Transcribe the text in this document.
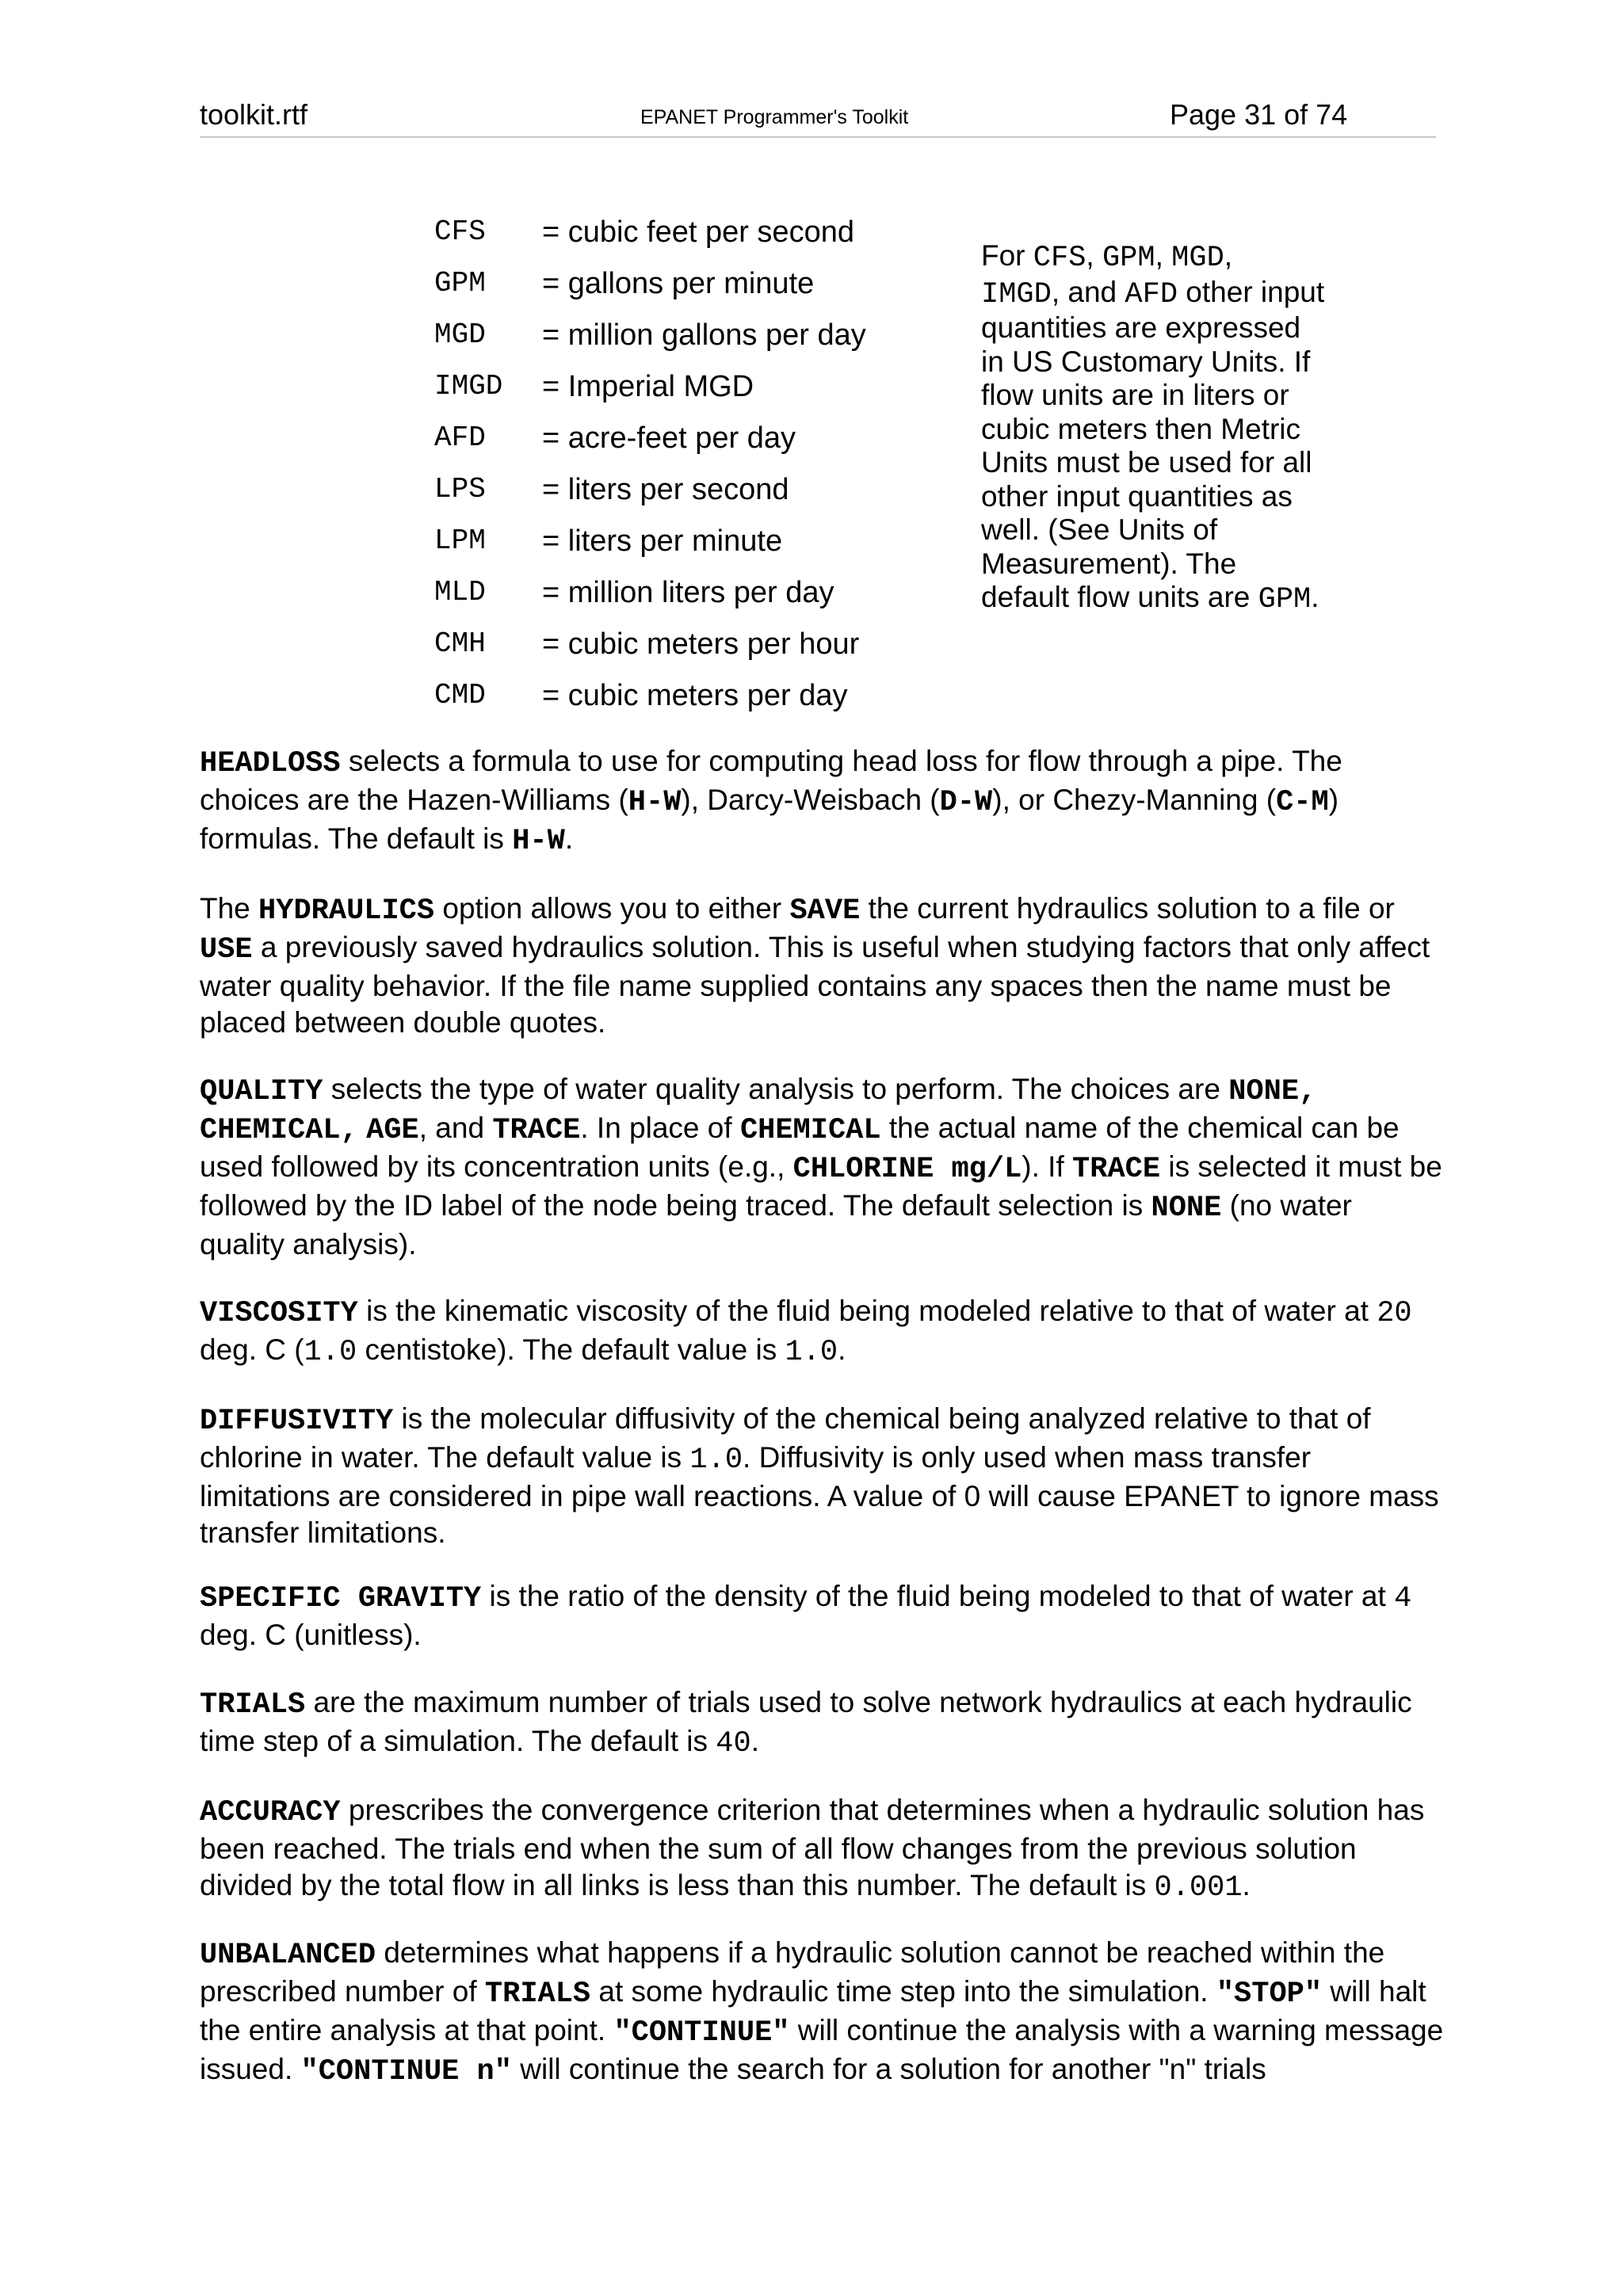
toolkit.rtf	EPANET Programmer's Toolkit	Page 31 of 74
CFS = cubic feet per second
GPM = gallons per minute
MGD = million gallons per day
IMGD = Imperial MGD
AFD = acre-feet per day
LPS = liters per second
LPM = liters per minute
MLD = million liters per day
CMH = cubic meters per hour
CMD = cubic meters per day
For CFS, GPM, MGD,
IMGD, and AFD other input quantities are expressed in US Customary Units. If flow units are in liters or cubic meters then Metric Units must be used for all other input quantities as well. (See Units of Measurement). The default flow units are GPM.

HEADLOSS selects a formula to use for computing head loss for flow through a pipe. The choices are the Hazen-Williams (H-W), Darcy-Weisbach (D-W), or Chezy-Manning (C-M) formulas. The default is H-W.

The HYDRAULICS option allows you to either SAVE the current hydraulics solution to a file or USE a previously saved hydraulics solution. This is useful when studying factors that only affect water quality behavior. If the file name supplied contains any spaces then the name must be placed between double quotes.

QUALITY selects the type of water quality analysis to perform. The choices are NONE, CHEMICAL, AGE, and TRACE. In place of CHEMICAL the actual name of the chemical can be used followed by its concentration units (e.g., CHLORINE mg/L). If TRACE is selected it must be followed by the ID label of the node being traced. The default selection is NONE (no water quality analysis).

VISCOSITY is the kinematic viscosity of the fluid being modeled relative to that of water at 20 deg. C (1.0 centistoke). The default value is 1.0.

DIFFUSIVITY is the molecular diffusivity of the chemical being analyzed relative to that of chlorine in water. The default value is 1.0. Diffusivity is only used when mass transfer limitations are considered in pipe wall reactions. A value of 0 will cause EPANET to ignore mass transfer limitations.

SPECIFIC GRAVITY is the ratio of the density of the fluid being modeled to that of water at 4 deg. C (unitless).

TRIALS are the maximum number of trials used to solve network hydraulics at each hydraulic time step of a simulation. The default is 40.

ACCURACY prescribes the convergence criterion that determines when a hydraulic solution has been reached. The trials end when the sum of all flow changes from the previous solution divided by the total flow in all links is less than this number. The default is 0.001.

UNBALANCED determines what happens if a hydraulic solution cannot be reached within the prescribed number of TRIALS at some hydraulic time step into the simulation. "STOP" will halt the entire analysis at that point. "CONTINUE" will continue the analysis with a warning message issued. "CONTINUE n" will continue the search for a solution for another "n" trials
